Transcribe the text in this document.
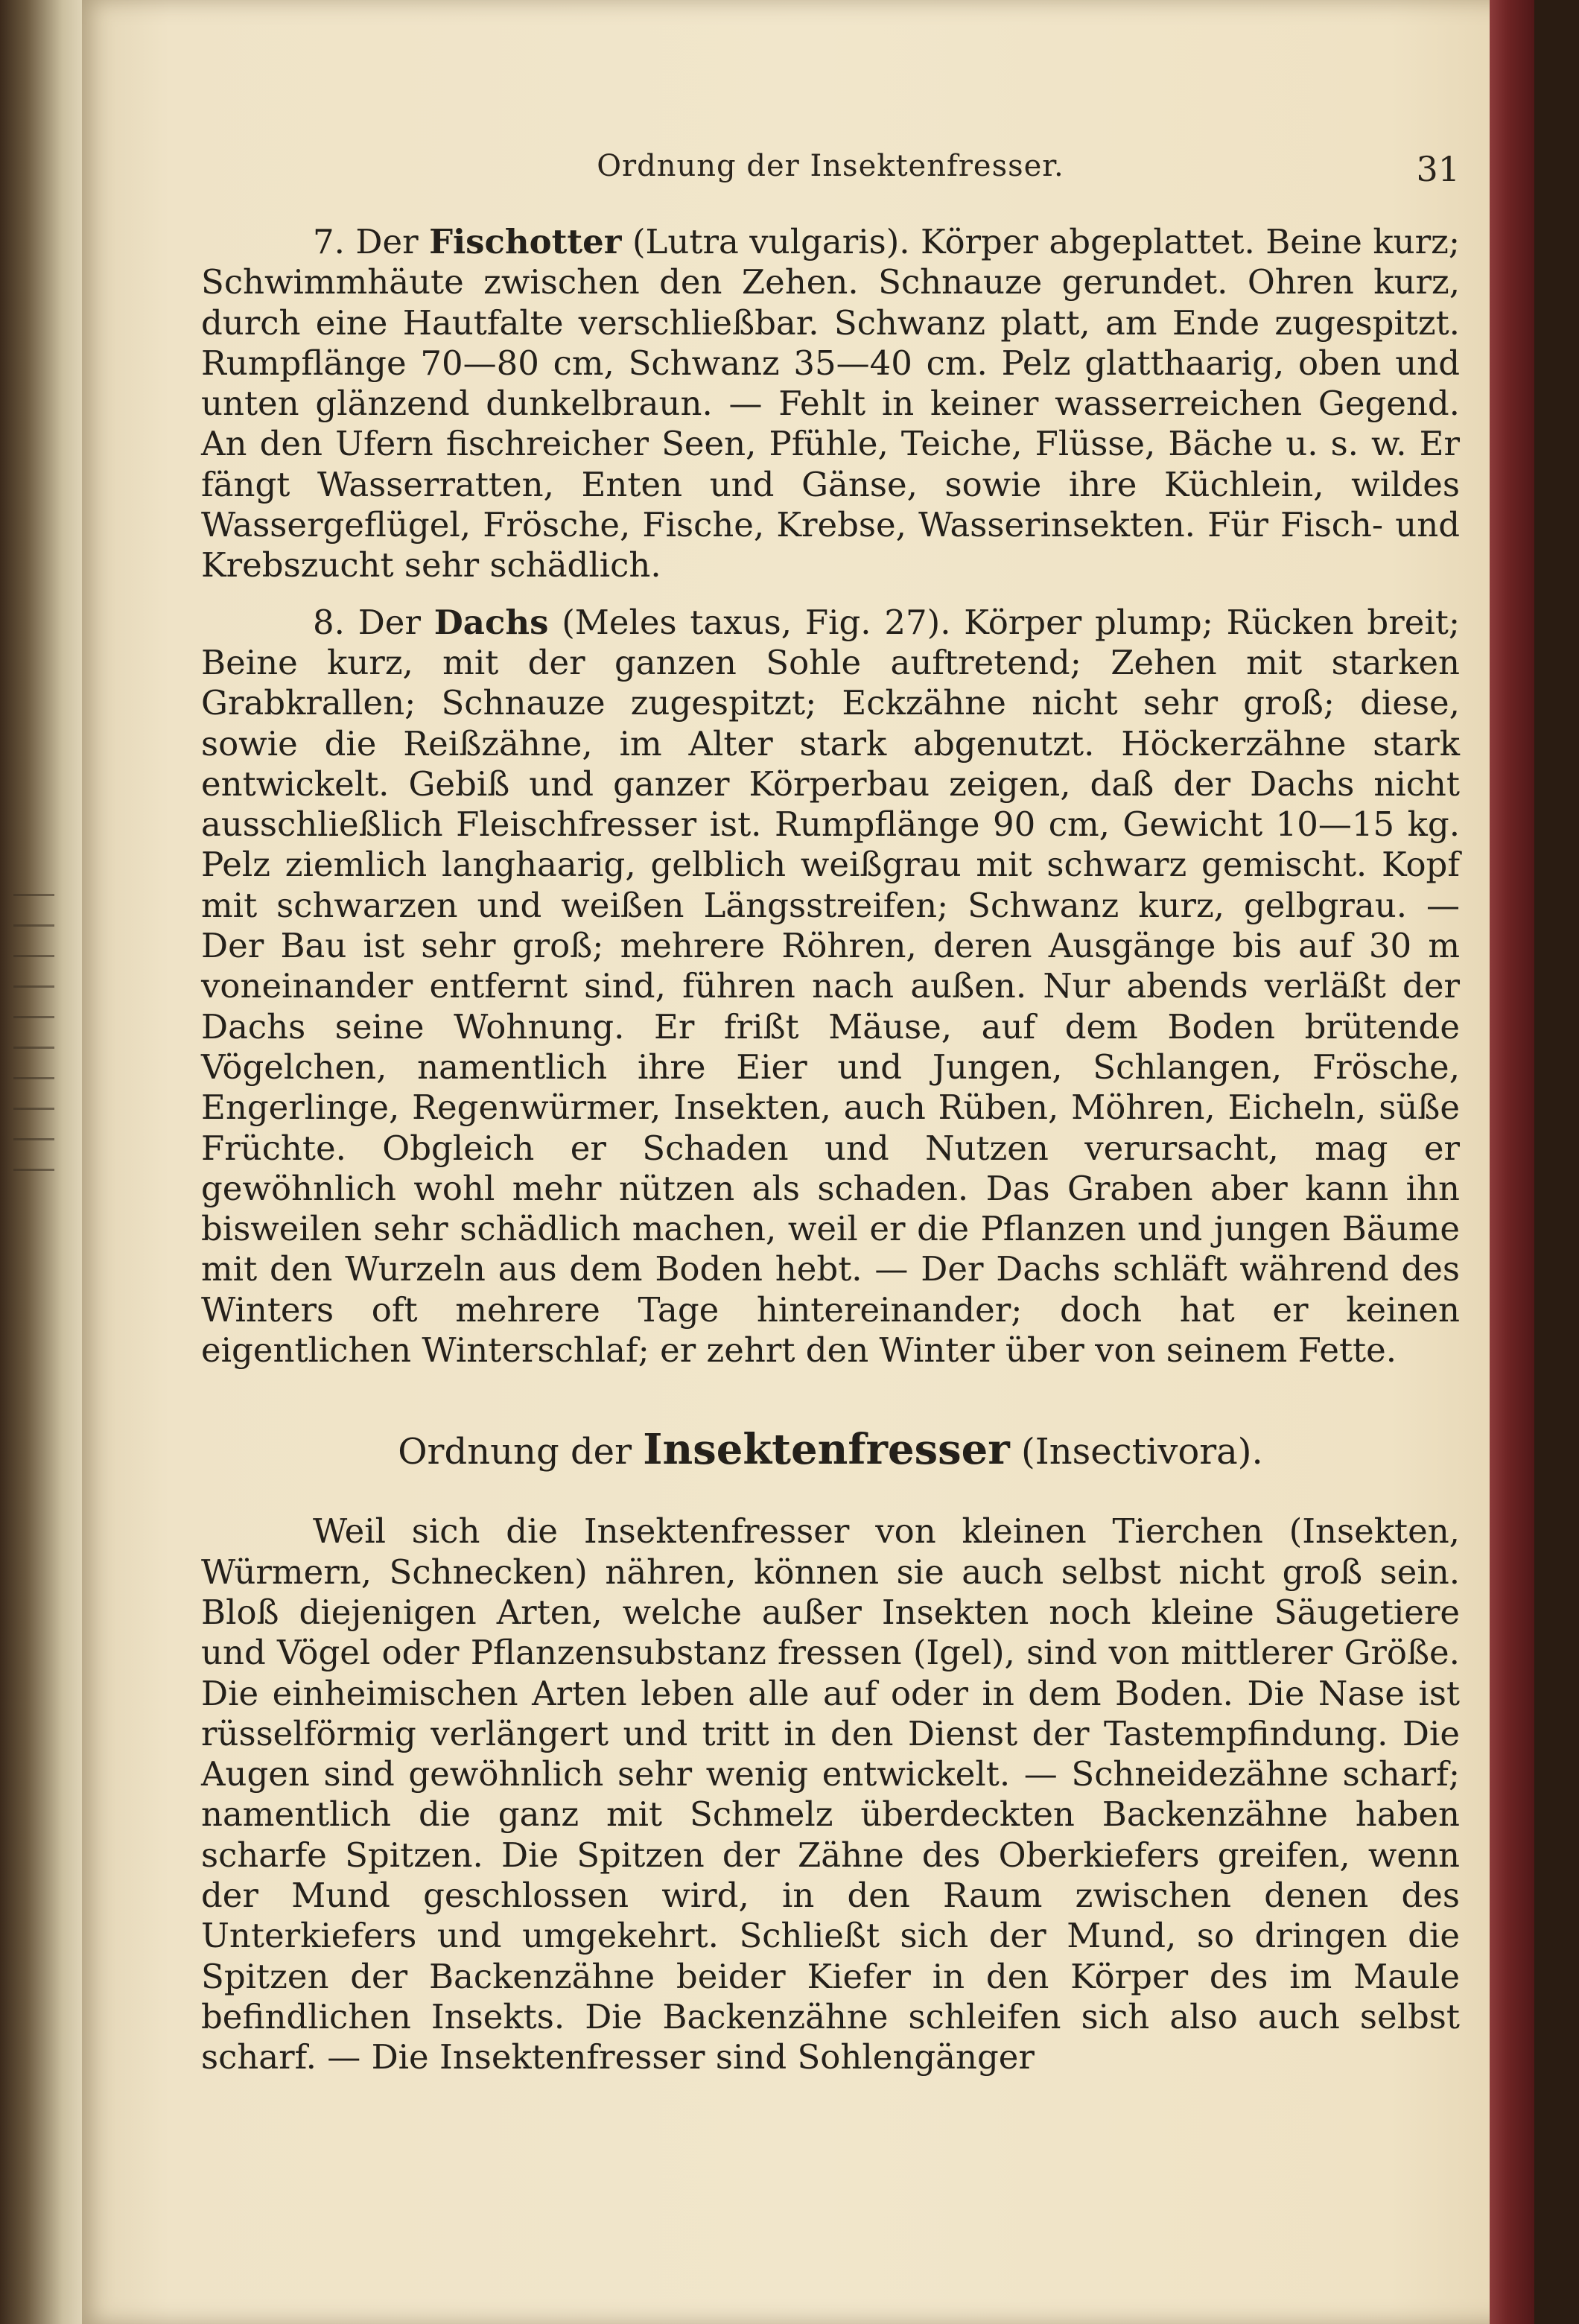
Ordnung der Insektenfresser.	31

7. Der Fischotter (Lutra vulgaris). Körper abgeplattet. Beine kurz; Schwimmhäute zwischen den Zehen. Schnauze gerundet. Ohren kurz, durch eine Hautfalte verschließbar. Schwanz platt, am Ende zugespitzt. Rumpflänge 70—80 cm, Schwanz 35—40 cm. Pelz glatthaarig, oben und unten glänzend dunkelbraun. — Fehlt in keiner wasserreichen Gegend. An den Ufern fischreicher Seen, Pfühle, Teiche, Flüsse, Bäche u. s. w. Er fängt Wasserratten, Enten und Gänse, sowie ihre Küchlein, wildes Wassergeflügel, Frösche, Fische, Krebse, Wasserinsekten. Für Fisch- und Krebszucht sehr schädlich.

8. Der Dachs (Meles taxus, Fig. 27). Körper plump; Rücken breit; Beine kurz, mit der ganzen Sohle auftretend; Zehen mit starken Grabkrallen; Schnauze zugespitzt; Eckzähne nicht sehr groß; diese, sowie die Reißzähne, im Alter stark abgenutzt. Höckerzähne stark entwickelt. Gebiß und ganzer Körperbau zeigen, daß der Dachs nicht ausschließlich Fleischfresser ist. Rumpflänge 90 cm, Gewicht 10—15 kg. Pelz ziemlich langhaarig, gelblich weißgrau mit schwarz gemischt. Kopf mit schwarzen und weißen Längsstreifen; Schwanz kurz, gelbgrau. — Der Bau ist sehr groß; mehrere Röhren, deren Ausgänge bis auf 30 m voneinander entfernt sind, führen nach außen. Nur abends verläßt der Dachs seine Wohnung. Er frißt Mäuse, auf dem Boden brütende Vögelchen, namentlich ihre Eier und Jungen, Schlangen, Frösche, Engerlinge, Regenwürmer, Insekten, auch Rüben, Möhren, Eicheln, süße Früchte. Obgleich er Schaden und Nutzen verursacht, mag er gewöhnlich wohl mehr nützen als schaden. Das Graben aber kann ihn bisweilen sehr schädlich machen, weil er die Pflanzen und jungen Bäume mit den Wurzeln aus dem Boden hebt. — Der Dachs schläft während des Winters oft mehrere Tage hintereinander; doch hat er keinen eigentlichen Winterschlaf; er zehrt den Winter über von seinem Fette.

Ordnung der Insektenfresser (Insectivora).

Weil sich die Insektenfresser von kleinen Tierchen (Insekten, Würmern, Schnecken) nähren, können sie auch selbst nicht groß sein. Bloß diejenigen Arten, welche außer Insekten noch kleine Säugetiere und Vögel oder Pflanzensubstanz fressen (Igel), sind von mittlerer Größe. Die einheimischen Arten leben alle auf oder in dem Boden. Die Nase ist rüsselförmig verlängert und tritt in den Dienst der Tastempfindung. Die Augen sind gewöhnlich sehr wenig entwickelt. — Schneidezähne scharf; namentlich die ganz mit Schmelz überdeckten Backenzähne haben scharfe Spitzen. Die Spitzen der Zähne des Oberkiefers greifen, wenn der Mund geschlossen wird, in den Raum zwischen denen des Unterkiefers und umgekehrt. Schließt sich der Mund, so dringen die Spitzen der Backenzähne beider Kiefer in den Körper des im Maule befindlichen Insekts. Die Backenzähne schleifen sich also auch selbst scharf. — Die Insektenfresser sind Sohlengänger
